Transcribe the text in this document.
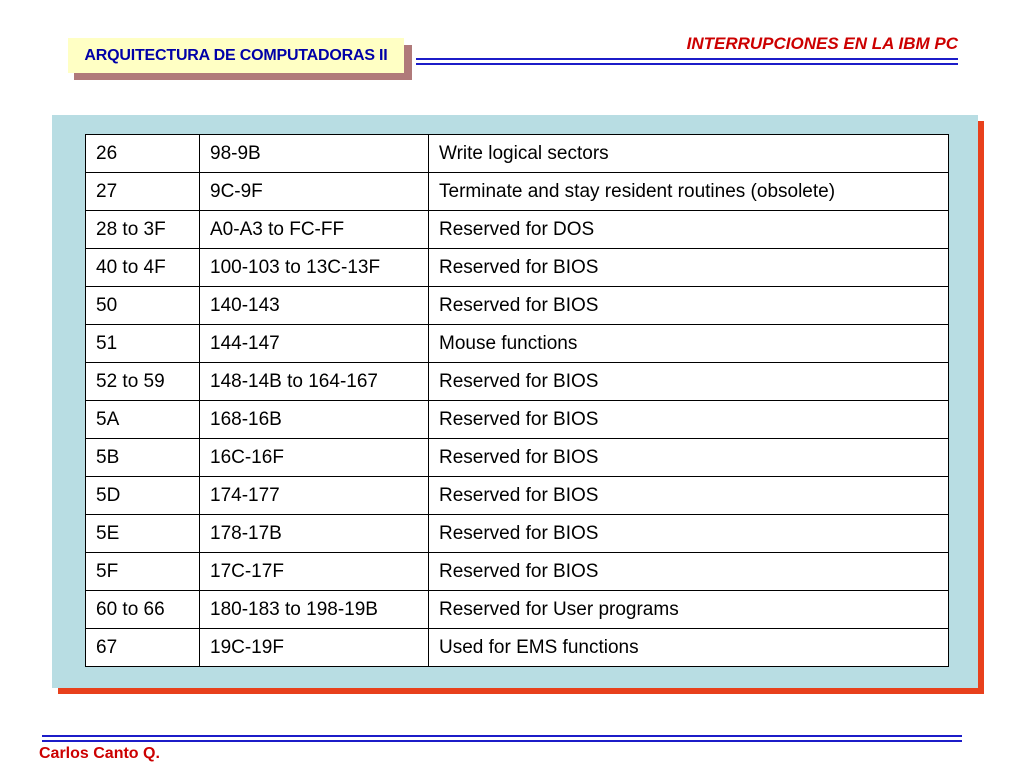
ARQUITECTURA DE COMPUTADORAS II
INTERRUPCIONES EN LA IBM PC
26	98-9B	Write logical sectors
27	9C-9F	Terminate and stay resident routines (obsolete)
28 to 3F	A0-A3 to FC-FF	Reserved for DOS
40 to 4F	100-103 to 13C-13F	Reserved for BIOS
50	140-143	Reserved for BIOS
51	144-147	Mouse functions
52 to 59	148-14B to 164-167	Reserved for BIOS
5A	168-16B	Reserved for BIOS
5B	16C-16F	Reserved for BIOS
5D	174-177	Reserved for BIOS
5E	178-17B	Reserved for BIOS
5F	17C-17F	Reserved for BIOS
60 to 66	180-183 to 198-19B	Reserved for User programs
67	19C-19F	Used for EMS functions
Carlos Canto Q.
